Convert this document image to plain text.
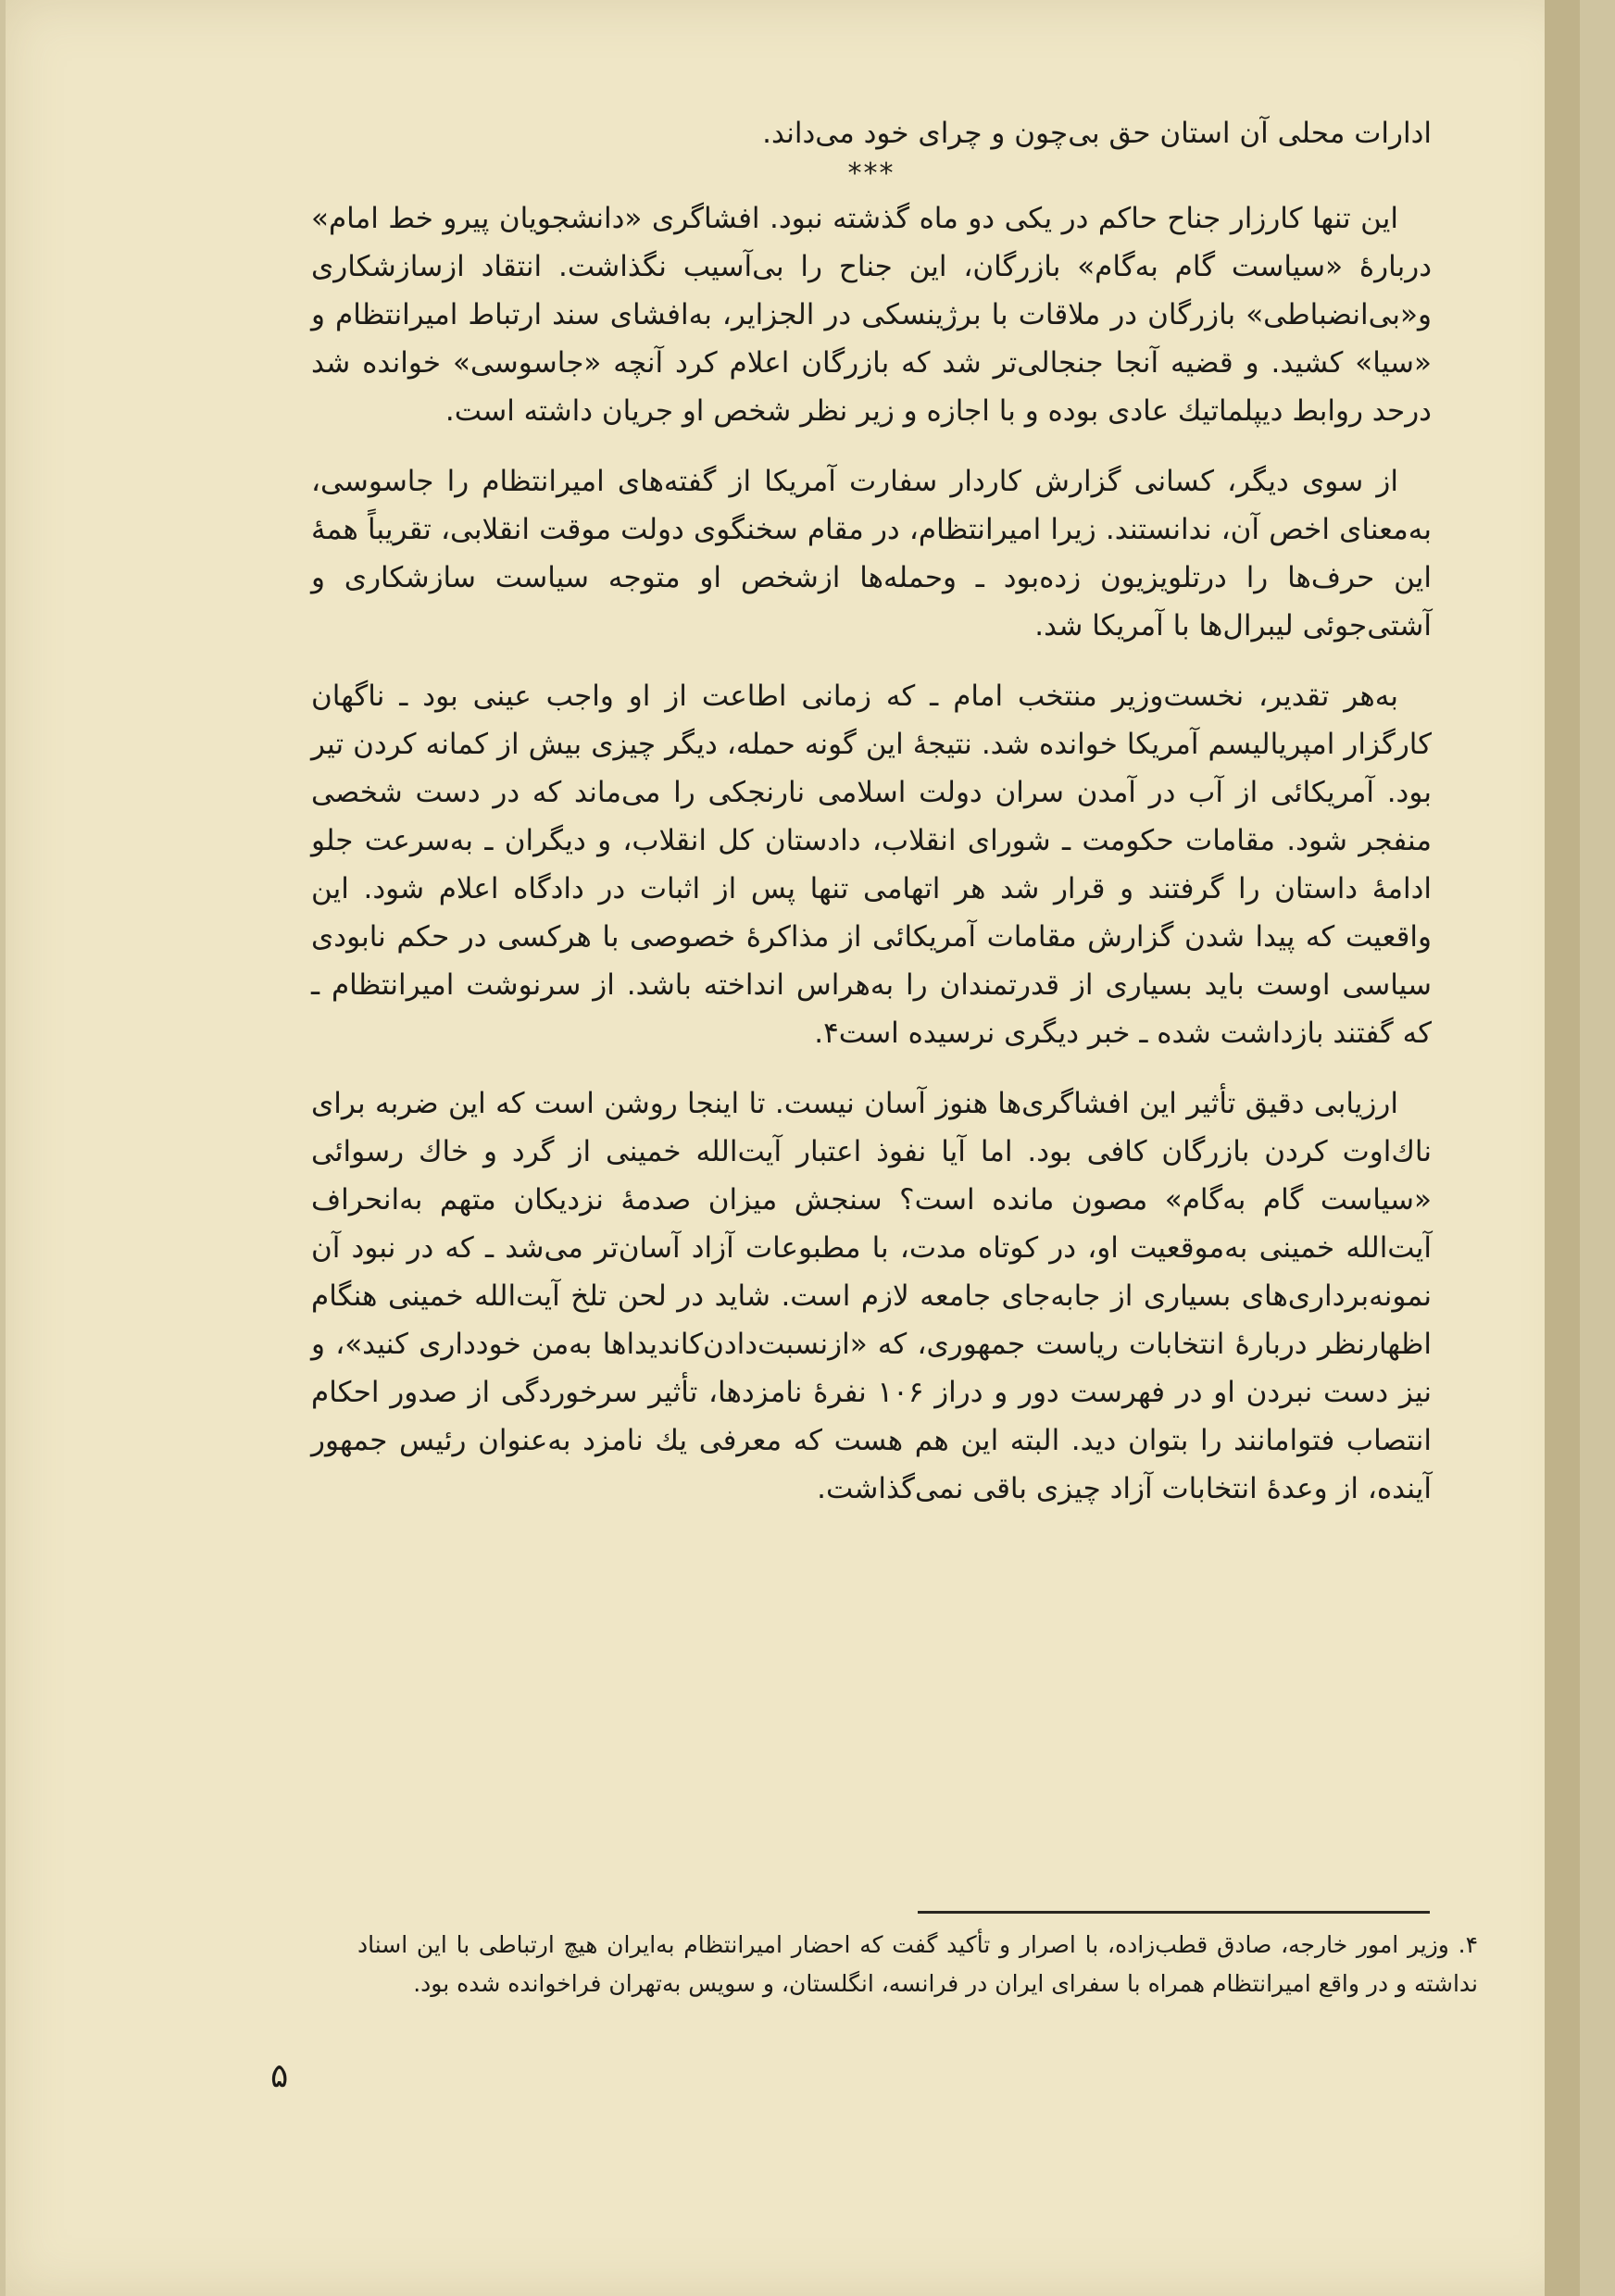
ادارات محلی آن استان حق بی‌چون و چرای خود می‌داند.

***

این تنها کارزار جناح حاکم در یکی دو ماه گذشته نبود. افشاگری «دانشجویان پیرو خط امام» دربارهٔ «سیاست گام به‌گام» بازرگان، این جناح را بی‌آسیب نگذاشت. انتقاد ازسازشکاری و«بی‌انضباطی» بازرگان در ملاقات با برژینسکی در الجزایر، به‌افشای سند ارتباط امیرانتظام و «سیا» کشید. و قضیه آنجا جنجالی‌تر شد که بازرگان اعلام کرد آنچه «جاسوسی» خوانده شد درحد روابط دیپلماتیك عادی بوده و با اجازه و زیر نظر شخص او جریان داشته است.

از سوی دیگر، کسانی گزارش کاردار سفارت آمریکا از گفته‌های امیرانتظام را جاسوسی، به‌معنای اخص آن، ندانستند. زیرا امیرانتظام، در مقام سخنگوی دولت موقت انقلابی، تقریباً همهٔ این حرف‌ها را درتلویزیون زده‌بود ـ وحمله‌ها ازشخص او متوجه سیاست سازشکاری و آشتی‌جوئی لیبرال‌ها با آمریکا شد.

به‌هر تقدیر، نخست‌وزیر منتخب امام ـ که زمانی اطاعت از او واجب عینی بود ـ ناگهان کارگزار امپریالیسم آمریکا خوانده شد. نتیجهٔ این گونه حمله، دیگر چیزی بیش از کمانه کردن تیر بود. آمریکائی از آب در آمدن سران دولت اسلامی نارنجکی را می‌ماند که در دست شخصی منفجر شود. مقامات حکومت ـ شورای انقلاب، دادستان کل انقلاب، و دیگران ـ به‌سرعت جلو ادامهٔ داستان را گرفتند و قرار شد هر اتهامی تنها پس از اثبات در دادگاه اعلام شود. این واقعیت که پیدا شدن گزارش مقامات آمریکائی از مذاکرهٔ خصوصی با هرکسی در حکم نابودی سیاسی اوست باید بسیاری از قدرتمندان را به‌هراس انداخته باشد. از سرنوشت امیرانتظام ـ که گفتند بازداشت شده ـ خبر دیگری نرسیده است۴.

ارزیابی دقیق تأثیر این افشاگری‌ها هنوز آسان نیست. تا اینجا روشن است که این ضربه برای ناك‌اوت کردن بازرگان کافی بود. اما آیا نفوذ اعتبار آیت‌الله خمینی از گرد و خاك رسوائی «سیاست گام به‌گام» مصون مانده است؟ سنجش میزان صدمهٔ نزدیکان متهم به‌انحراف آیت‌الله خمینی به‌موقعیت او، در کوتاه مدت، با مطبوعات آزاد آسان‌تر می‌شد ـ که در نبود آن نمونه‌برداری‌های بسیاری از جابه‌جای جامعه لازم است. شاید در لحن تلخ آیت‌الله خمینی هنگام اظهارنظر دربارهٔ انتخابات ریاست جمهوری، که «ازنسبت‌دادن‌کاندیداها به‌من خودداری کنید»، و نیز دست نبردن او در فهرست دور و دراز ۱۰۶ نفرهٔ نامزدها، تأثیر سرخوردگی از صدور احکام انتصاب فتوامانند را بتوان دید. البته این هم هست که معرفی یك نامزد به‌عنوان رئیس جمهور آینده، از وعدهٔ انتخابات آزاد چیزی باقی نمی‌گذاشت.

۴. وزیر امور خارجه، صادق قطب‌زاده، با اصرار و تأکید گفت که احضار امیرانتظام به‌ایران هیچ ارتباطی با این اسناد نداشته و در واقع امیرانتظام همراه با سفرای ایران در فرانسه، انگلستان، و سویس به‌تهران فراخوانده شده بود.

۵
